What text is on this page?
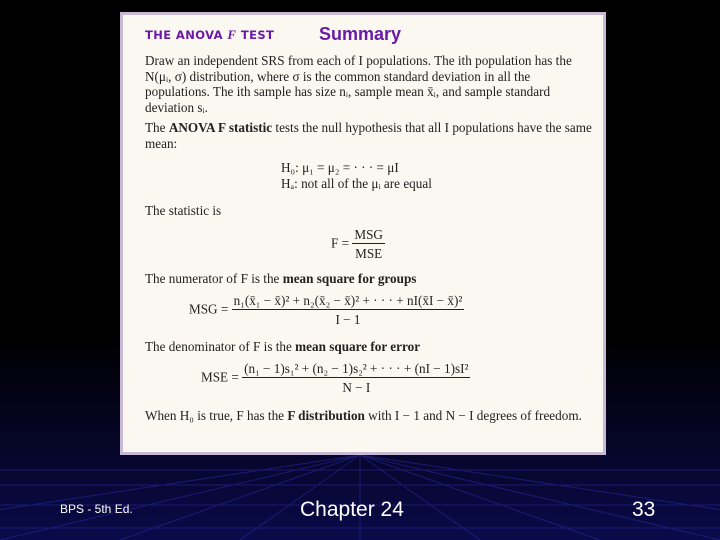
THE ANOVA F TEST
Draw an independent SRS from each of I populations. The ith population has the N(μᵢ, σ) distribution, where σ is the common standard deviation in all the populations. The ith sample has size nᵢ, sample mean x̄ᵢ, and sample standard deviation sᵢ.
The ANOVA F statistic tests the null hypothesis that all I populations have the same mean:
H₀: μ₁ = μ₂ = · · · = μI
Hₐ: not all of the μᵢ are equal
The statistic is
$F = \frac{\text{MSG}}{\text{MSE}}$
The numerator of F is the mean square for groups
MSG = $\frac{\text{n₁(x̄₁ − x̄)² + n₂(x̄₂ − x̄)² + · · · + nI(x̄I − x̄)²}}{I - 1}$
The denominator of F is the mean square for error
MSE = $\frac{\text{(n₁ − 1)s₁² + (n₂ − 1)s₂² + · · · + (nI − 1)sI²}}{N - I}$
When H₀ is true, F has the F distribution with I − 1 and N − I degrees of freedom.
Summary
BPS - 5th Ed.	Chapter 24	33
